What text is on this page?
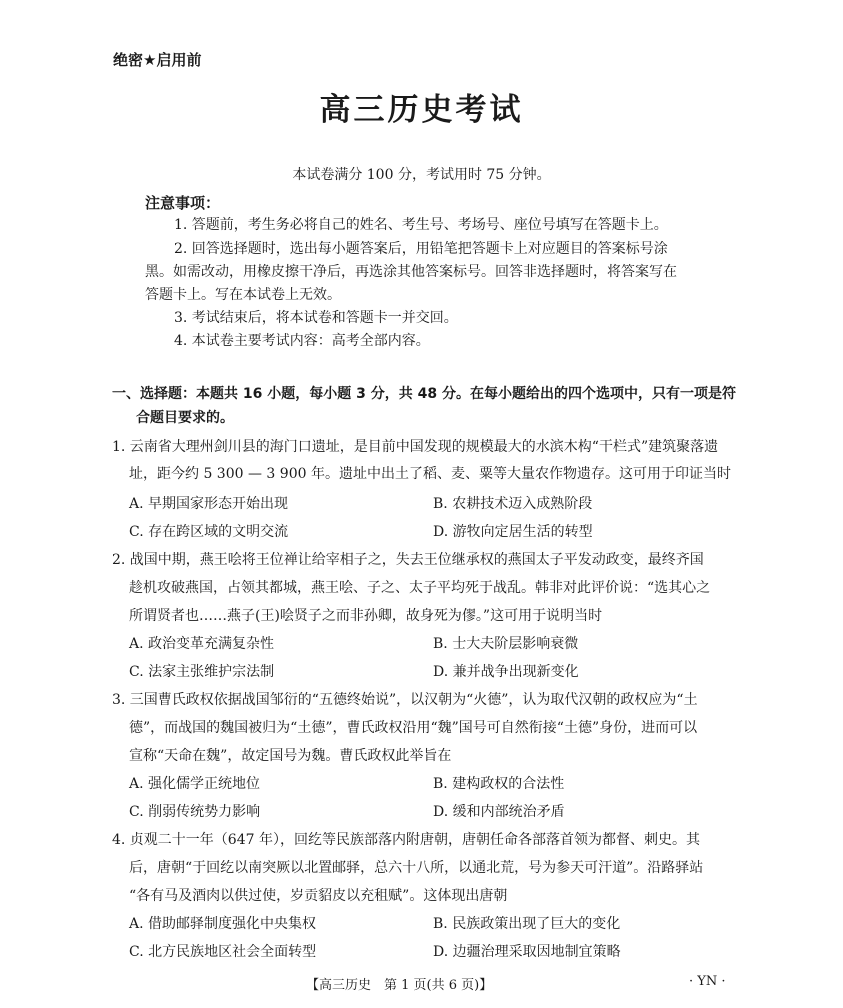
绝密★启用前
高三历史考试
本试卷满分 100 分，考试用时 75 分钟。
注意事项：
1. 答题前，考生务必将自己的姓名、考生号、考场号、座位号填写在答题卡上。
2. 回答选择题时，选出每小题答案后，用铅笔把答题卡上对应题目的答案标号涂
黑。如需改动，用橡皮擦干净后，再选涂其他答案标号。回答非选择题时，将答案写在
答题卡上。写在本试卷上无效。
3. 考试结束后，将本试卷和答题卡一并交回。
4. 本试卷主要考试内容：高考全部内容。
一、选择题：本题共 16 小题，每小题 3 分，共 48 分。在每小题给出的四个选项中，只有一项是符
合题目要求的。
1. 云南省大理州剑川县的海门口遗址，是目前中国发现的规模最大的水滨木构“干栏式”建筑聚落遗
址，距今约 5 300 — 3 900 年。遗址中出土了稻、麦、粟等大量农作物遗存。这可用于印证当时
A. 早期国家形态开始出现	B. 农耕技术迈入成熟阶段
C. 存在跨区域的文明交流	D. 游牧向定居生活的转型
2. 战国中期，燕王哙将王位禅让给宰相子之，失去王位继承权的燕国太子平发动政变，最终齐国
趁机攻破燕国，占领其都城，燕王哙、子之、太子平均死于战乱。韩非对此评价说：“选其心之
所谓贤者也……燕子(王)哙贤子之而非孙卿，故身死为僇。”这可用于说明当时
A. 政治变革充满复杂性	B. 士大夫阶层影响衰微
C. 法家主张维护宗法制	D. 兼并战争出现新变化
3. 三国曹氏政权依据战国邹衍的“五德终始说”，以汉朝为“火德”，认为取代汉朝的政权应为“土
德”，而战国的魏国被归为“土德”，曹氏政权沿用“魏”国号可自然衔接“土德”身份，进而可以
宣称“天命在魏”，故定国号为魏。曹氏政权此举旨在
A. 强化儒学正统地位	B. 建构政权的合法性
C. 削弱传统势力影响	D. 缓和内部统治矛盾
4. 贞观二十一年（647 年），回纥等民族部落内附唐朝，唐朝任命各部落首领为都督、刺史。其
后，唐朝“于回纥以南突厥以北置邮驿，总六十八所，以通北荒，号为参天可汗道”。沿路驿站
“各有马及酒肉以供过使，岁贡貂皮以充租赋”。这体现出唐朝
A. 借助邮驿制度强化中央集权	B. 民族政策出现了巨大的变化
C. 北方民族地区社会全面转型	D. 边疆治理采取因地制宜策略
【高三历史　第 1 页(共 6 页)】	· YN ·
